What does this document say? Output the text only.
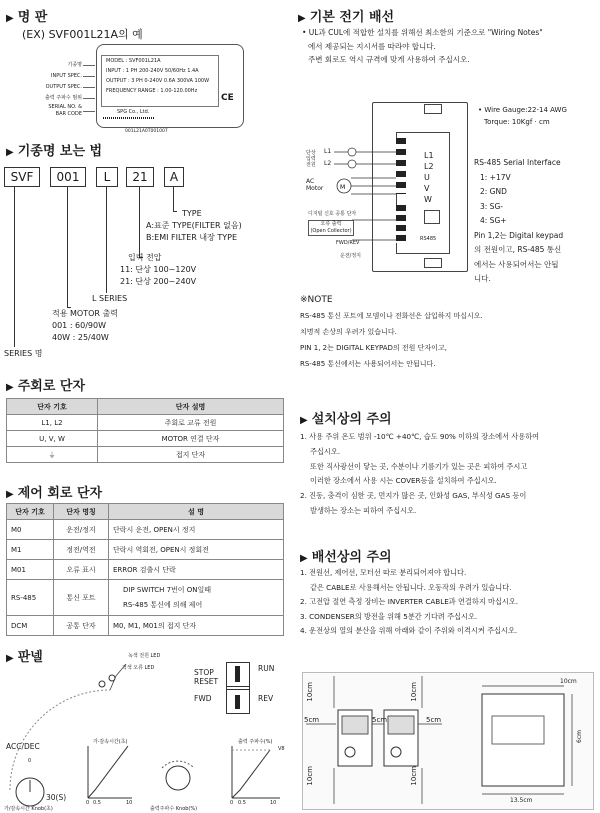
▶ 명 판
(EX) SVF001L21A의 예
기종명
INPUT SPEC.
OUTPUT SPEC.
출력 주파수 범위
SERIAL NO. &
BAR CODE
MODEL : SVF001L21A
INPUT : 1 PH 200-240V 50/60Hz 1.4A
OUTPUT : 3 PH 0-240V 0.6A 300VA 100W
FREQUENCY RANGE : 1.00-120.00Hz
CE
SPG Co., Ltd.
001L21A0T001007
▶ 기종명 보는 법
SVF	001	L	21	A
TYPE
A:표준 TYPE(FILTER 없음)
B:EMI FILTER 내장 TYPE
입력 전압
11: 단상 100~120V
21: 단상 200~240V
L SERIES
적용 MOTOR 출력
001 : 60/90W
40W : 25/40W
SERIES 명
▶ 주회로 단자
단자 기호	단자 설명
L1, L2	주회로 교류 전원
U, V, W	MOTOR 연결 단자
⏚	접지 단자
▶ 제어 회로 단자
단자 기호	단자 명칭	설 명
M0	운전/정지	단락시 운전, OPEN시 정지
M1	정전/역전	단락시 역회전, OPEN시 정회전
M01	오류 표시	ERROR 검출시 단락
RS-485	통신 포트	DIP SWITCH 7번이 ON일때
RS-485 통신에 의해 제어

DCM	공통 단자	M0, M1, M01의 접지 단자
▶ 판넬	녹색 전원 LED
적색 오류 LED
가·감속시간(초)
0 0.5	10
출력 주파수(%)
0 0.5	10
V8
ACC/DEC
0
30(S)
가/감속시간 Knob(초)	출력주파수 Knob(%)
STOP
RESET
RUN
FWD	REV
▶ 기본 전기 배선
• UL과 CUL에 적합한 설치를 위해선 최소한의 기준으로 "Wiring Notes"
에서 제공되는 지시서를 따라야 합니다.
주변 회로도 역시 규격에 맞게 사용하여 주십시오.
L1
L2
U
V
W
RS485
단상
입력
전원
L1
L2
AC
Motor	M
디지털 신호 공통 단자
오류 출력
(Open Collector)
FWD/REV
운전/정지
• Wire Gauge:22-14 AWG
Torque: 10Kgf · cm
RS-485 Serial Interface
1: +17V
2: GND
3: SG-
4: SG+
Pin 1,2는 Digital keypad
의 전원이고, RS-485 통신
에서는 사용되어서는 안됩
니다.
※NOTE
RS-485 통신 포트에 모뎀이나 전화선은 삽입하지 마십시오.
치명적 손상의 우려가 있습니다.
PIN 1, 2는 DIGITAL KEYPAD의 전원 단자이고,
RS-485 통신에서는 사용되어서는 안됩니다.
▶ 설치상의 주의
1. 사용 주위 온도 범위 -10℃ +40℃, 습도 90% 이하의 장소에서 사용하여
주십시오.
또한 직사광선이 닿는 곳, 수분이나 기름기가 있는 곳은 피하여 주시고
이러한 장소에서 사용 시는 COVER등을 설치하여 주십시오.
2. 진동, 충격이 심한 곳, 먼지가 많은 곳, 인화성 GAS, 부식성 GAS 등이
발생하는 장소는 피하여 주십시오.
▶ 배선상의 주의
1. 전원선, 제어선, 모터선 따로 분리되어져야 합니다.
같은 CABLE로 사용해서는 안됩니다. 오동작의 우려가 있습니다.
2. 고전압 절연 측정 장비는 INVERTER CABLE과 연결하지 마십시오.
3. CONDENSER의 방전을 위해 5분간 기다려 주십시오.
4. 운전상의 열의 분산을 위해 아래와 같이 주위와 이격시켜 주십시오.
10cm
10cm
5cm	5cm	5cm
10cm
10cm
10cm
6cm
13.5cm
